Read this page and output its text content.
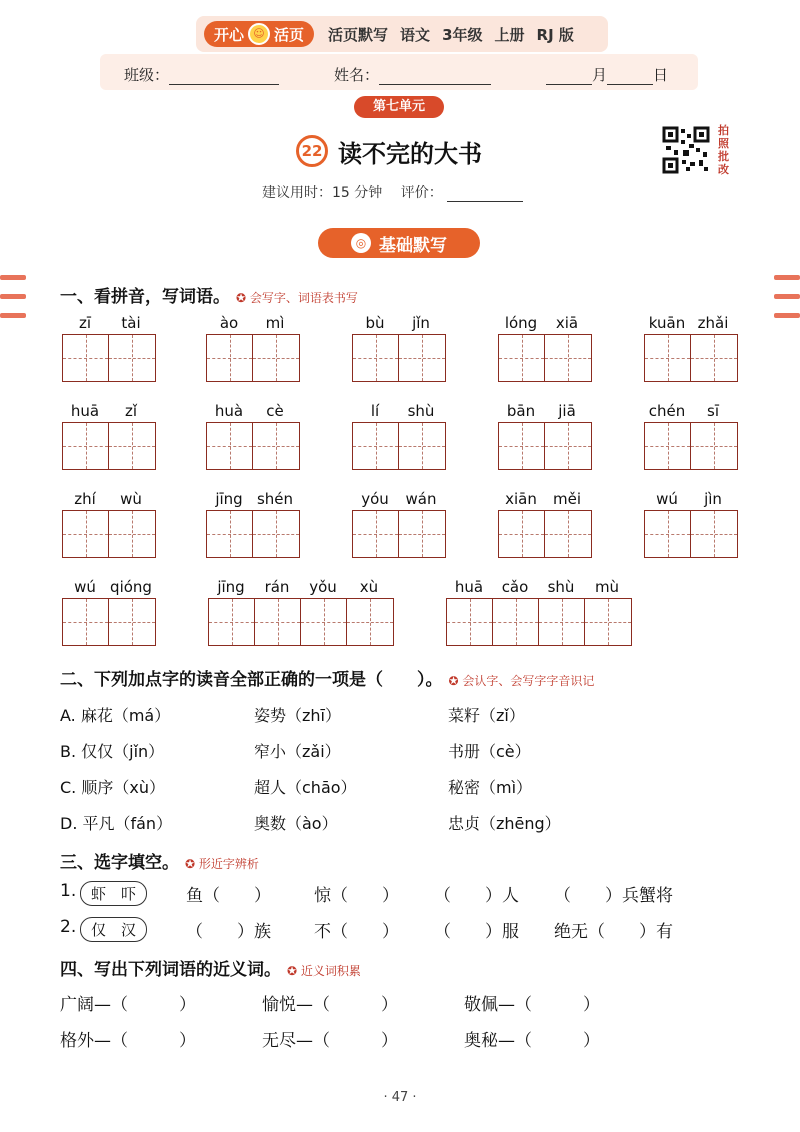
开心 ☺ 活页 活页默写 语文 3年级 上册 RJ 版
班级：	姓名：	月	日
第七单元
22 读不完的大书
拍照批改
建议用时：15 分钟 评价：
◎ 基础默写
一、看拼音，写词语。 ✪ 会写字、词语表书写
zī	tài	ào	mì	bù	jǐn	lóng	xiā	kuān zhǎi
huā	zǐ	huà	cè	lí	shù	bān	jiā	chén	sī
zhí	wù	jīng shén	yóu	wán	xiān	měi	wú	jìn
wú qióng	jīng	rán	yǒu	xù	huā	cǎo	shù	mù
二、下列加点字的读音全部正确的一项是（　　）。 ✪ 会认字、会写字字音识记
A. 麻花（má）	姿势（zhī）	菜籽（zǐ）
B. 仅仅（jǐn）	窄小（zǎi）	书册（cè）
C. 顺序（xù）	超人（chāo）	秘密（mì）
D. 平凡（fán）	奥数（ào）	忠贞（zhēng）
三、选字填空。 ✪ 形近字辨析
1. 虾　吓	鱼（　　）	惊（　　） （　　）人 （　　）兵蟹将
2. 仅　汉	（　　）族	不（　　） （　　）服 绝无（　　）有
四、写出下列词语的近义词。 ✪ 近义词积累
广阔—（　　　）	愉悦—（　　　）	敬佩—（　　　）
格外—（　　　）	无尽—（　　　）	奥秘—（　　　）
· 47 ·
